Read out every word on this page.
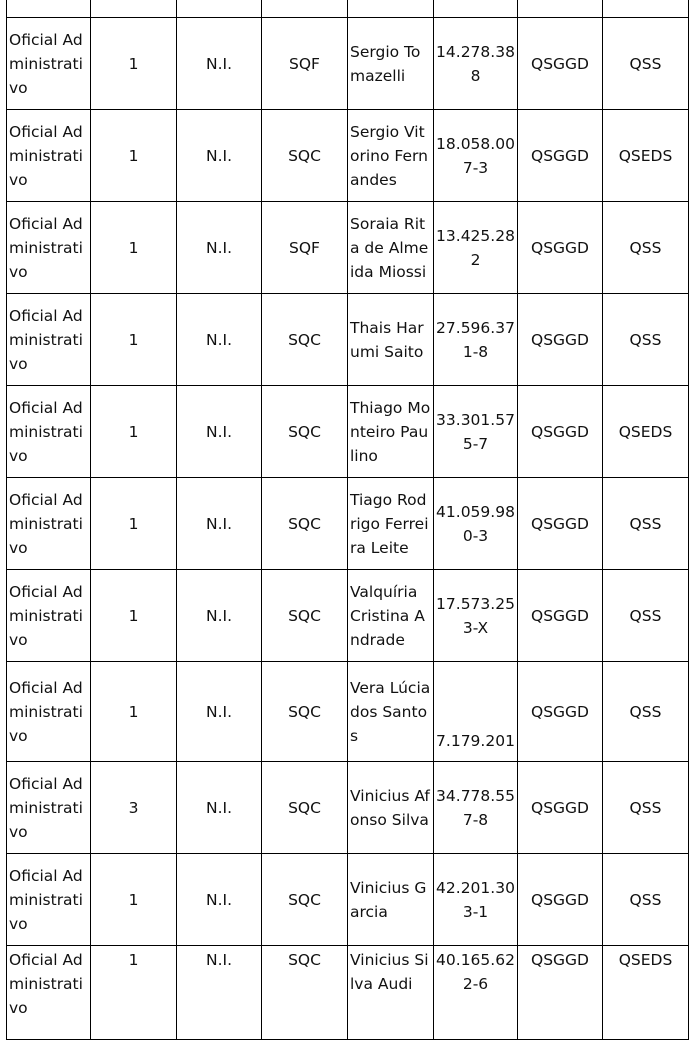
Oficial Administrativo	1	N.I.	SQF	Sergio Tomazelli	14.278.388	QSGGD	QSS
Oficial Administrativo	1	N.I.	SQC	Sergio Vitorino Fernandes	18.058.007-3	QSGGD	QSEDS
Oficial Administrativo	1	N.I.	SQF	Soraia Rita de Almeida Miossi	13.425.282	QSGGD	QSS
Oficial Administrativo	1	N.I.	SQC	Thais Harumi Saito	27.596.371-8	QSGGD	QSS
Oficial Administrativo	1	N.I.	SQC	Thiago Monteiro Paulino	33.301.575-7	QSGGD	QSEDS
Oficial Administrativo	1	N.I.	SQC	Tiago Rodrigo Ferreira Leite	41.059.980-3	QSGGD	QSS
Oficial Administrativo	1	N.I.	SQC	Valquíria Cristina Andrade	17.573.253-X	QSGGD	QSS
Oficial Administrativo	1	N.I.	SQC	Vera Lúcia dos Santos	7.179.201	QSGGD	QSS
Oficial Administrativo	3	N.I.	SQC	Vinicius Afonso Silva	34.778.557-8	QSGGD	QSS
Oficial Administrativo	1	N.I.	SQC	Vinicius Garcia	42.201.303-1	QSGGD	QSS
Oficial Administrativo	1	N.I.	SQC	Vinicius Silva Audi	40.165.622-6	QSGGD	QSEDS
